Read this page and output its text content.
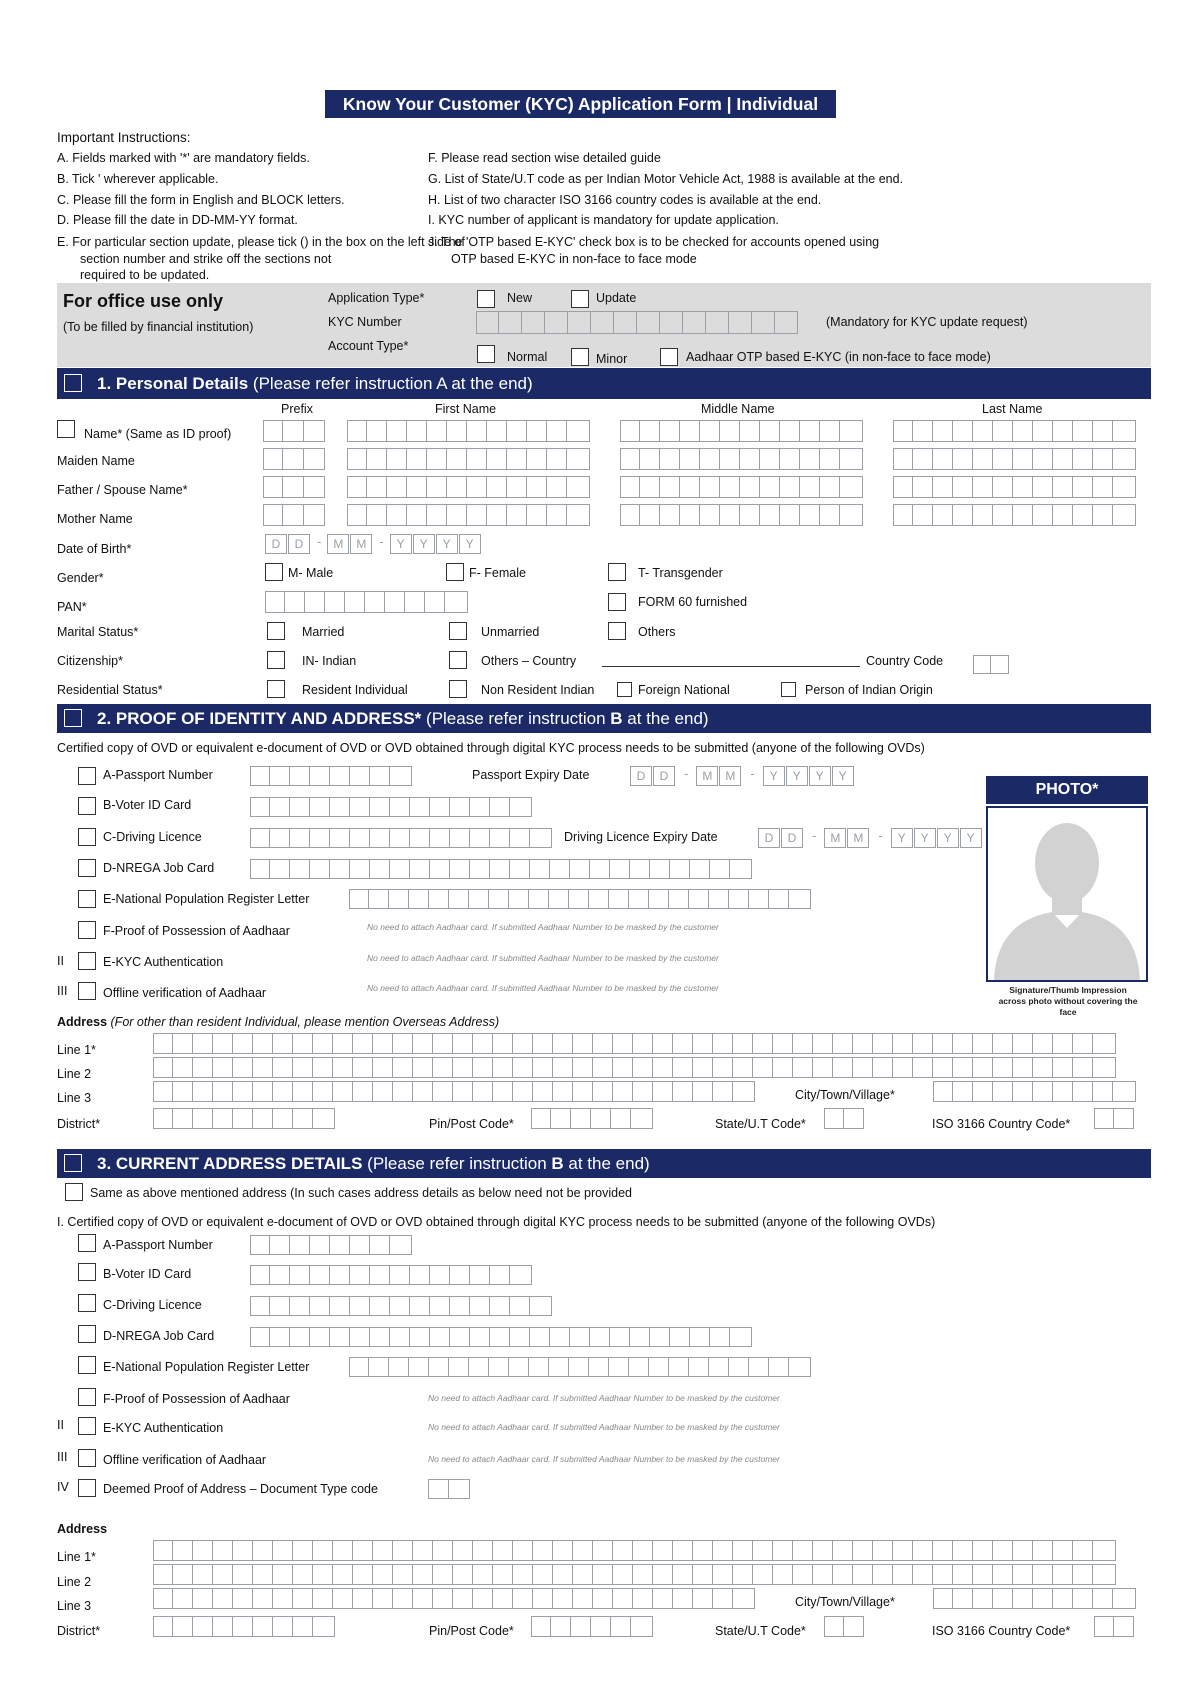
Know Your Customer (KYC) Application Form | Individual
Important Instructions:
A. Fields marked with '*' are mandatory fields.
B. Tick ' wherever applicable.
C. Please fill the form in English and BLOCK letters.
D. Please fill the date in DD-MM-YY format.
E. For particular section update, please tick () in the box on the left side of
section number and strike off the sections not
required to be updated.
F. Please read section wise detailed guide
G. List of State/U.T code as per Indian Motor Vehicle Act, 1988 is available at the end.
H. List of two character ISO 3166 country codes is available at the end.
I. KYC number of applicant is mandatory for update application.
J. The 'OTP based E-KYC' check box is to be checked for accounts opened using
OTP based E-KYC in non-face to face mode
For office use only
(To be filled by financial institution)
Application Type*	New	Update
KYC Number	(Mandatory for KYC update request)
Account Type*
Normal	Minor	Aadhaar OTP based E-KYC (in non-face to face mode)
1. Personal Details (Please refer instruction A at the end)
Prefix	First Name	Middle Name	Last Name
Name* (Same as ID proof)
Maiden Name
Father / Spouse Name*
Mother Name
Date of Birth*	D	D	-	M	M	-	Y	Y	Y	Y
Gender*	M- Male	F- Female	T- Transgender
PAN*	FORM 60 furnished
Marital Status*	Married	Unmarried	Others
Citizenship*	IN- Indian	Others – Country	Country Code
Residential Status*	Resident Individual	Non Resident Indian	Foreign National	Person of Indian Origin
2. PROOF OF IDENTITY AND ADDRESS* (Please refer instruction B at the end)
Certified copy of OVD or equivalent e-document of OVD or OVD obtained through digital KYC process needs to be submitted (anyone of the following OVDs)
A-Passport Number	Passport Expiry Date	D	D	-	M	M	-	Y	Y	Y	Y
B-Voter ID Card
C-Driving Licence	Driving Licence Expiry Date	D	D	-	M	M	-	Y	Y	Y	Y
D-NREGA Job Card
E-National Population Register Letter
F-Proof of Possession of Aadhaar	No need to attach Aadhaar card. If submitted Aadhaar Number to be masked by the customer
II	E-KYC Authentication	No need to attach Aadhaar card. If submitted Aadhaar Number to be masked by the customer
III	Offline verification of Aadhaar	No need to attach Aadhaar card. If submitted Aadhaar Number to be masked by the customer
PHOTO*
Signature/Thumb Impression across photo without covering the face
Address (For other than resident Individual, please mention Overseas Address)
Line 1*
Line 2
Line 3	City/Town/Village*
District*	Pin/Post Code*	State/U.T Code*	ISO 3166 Country Code*
3. CURRENT ADDRESS DETAILS (Please refer instruction B at the end)
Same as above mentioned address (In such cases address details as below need not be provided
I. Certified copy of OVD or equivalent e-document of OVD or OVD obtained through digital KYC process needs to be submitted (anyone of the following OVDs)
A-Passport Number
B-Voter ID Card
C-Driving Licence
D-NREGA Job Card
E-National Population Register Letter
F-Proof of Possession of Aadhaar	No need to attach Aadhaar card. If submitted Aadhaar Number to be masked by the customer
II	E-KYC Authentication	No need to attach Aadhaar card. If submitted Aadhaar Number to be masked by the customer
III	Offline verification of Aadhaar	No need to attach Aadhaar card. If submitted Aadhaar Number to be masked by the customer
IV	Deemed Proof of Address – Document Type code
Address
Line 1*
Line 2
Line 3	City/Town/Village*
District*	Pin/Post Code*	State/U.T Code*	ISO 3166 Country Code*
